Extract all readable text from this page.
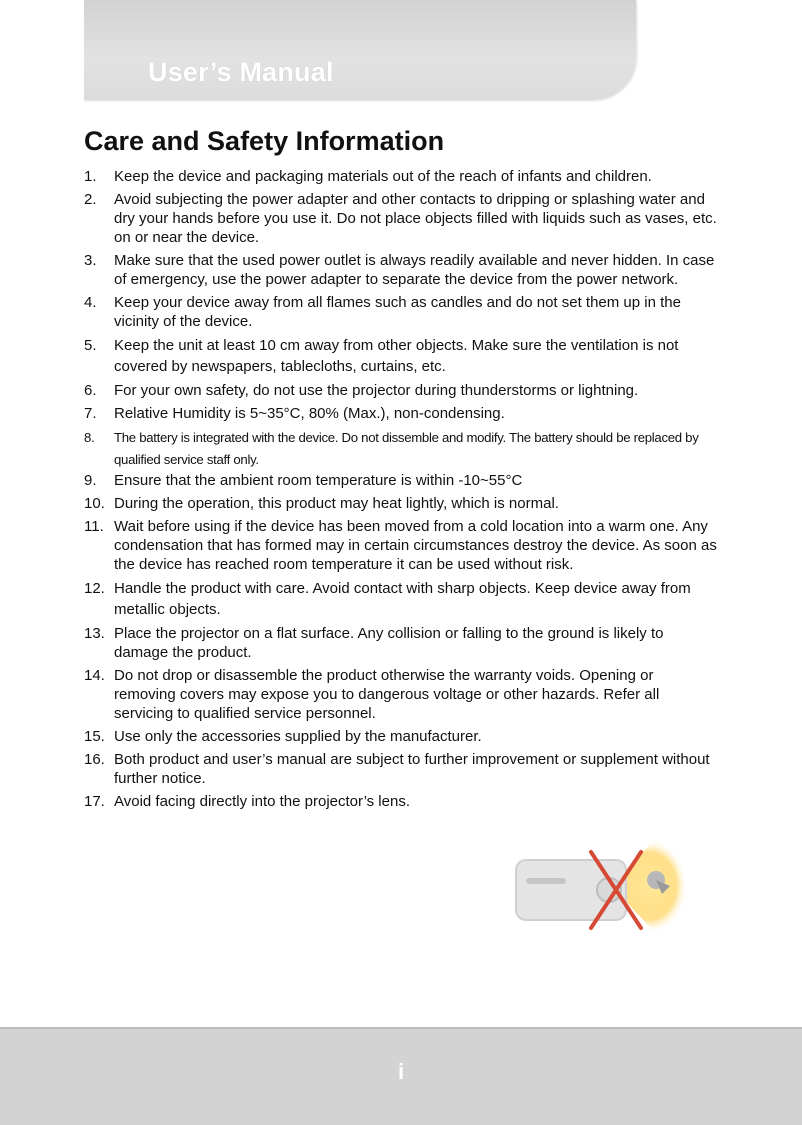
User’s Manual
Care and Safety Information
1. Keep the device and packaging materials out of the reach of infants and children.
2. Avoid subjecting the power adapter and other contacts to dripping or splashing water and dry your hands before you use it. Do not place objects filled with liquids such as vases, etc. on or near the device.
3. Make sure that the used power outlet is always readily available and never hidden. In case of emergency, use the power adapter to separate the device from the power network.
4. Keep your device away from all flames such as candles and do not set them up in the vicinity of the device.
5. Keep the unit at least 10 cm away from other objects. Make sure the ventilation is not covered by newspapers, tablecloths, curtains, etc.
6. For your own safety, do not use the projector during thunderstorms or lightning.
7. Relative Humidity is 5~35°C, 80% (Max.), non-condensing.
8. The battery is integrated with the device. Do not dissemble and modify. The battery should be replaced by qualified service staff only.
9. Ensure that the ambient room temperature is within -10~55°C
10. During the operation, this product may heat lightly, which is normal.
11. Wait before using if the device has been moved from a cold location into a warm one. Any condensation that has formed may in certain circumstances destroy the device. As soon as the device has reached room temperature it can be used without risk.
12. Handle the product with care. Avoid contact with sharp objects. Keep device away from metallic objects.
13. Place the projector on a flat surface. Any collision or falling to the ground is likely to damage the product.
14. Do not drop or disassemble the product otherwise the warranty voids. Opening or removing covers may expose you to dangerous voltage or other hazards. Refer all servicing to qualified service personnel.
15. Use only the accessories supplied by the manufacturer.
16. Both product and user’s manual are subject to further improvement or supplement without further notice.
17. Avoid facing directly into the projector’s lens.
i
